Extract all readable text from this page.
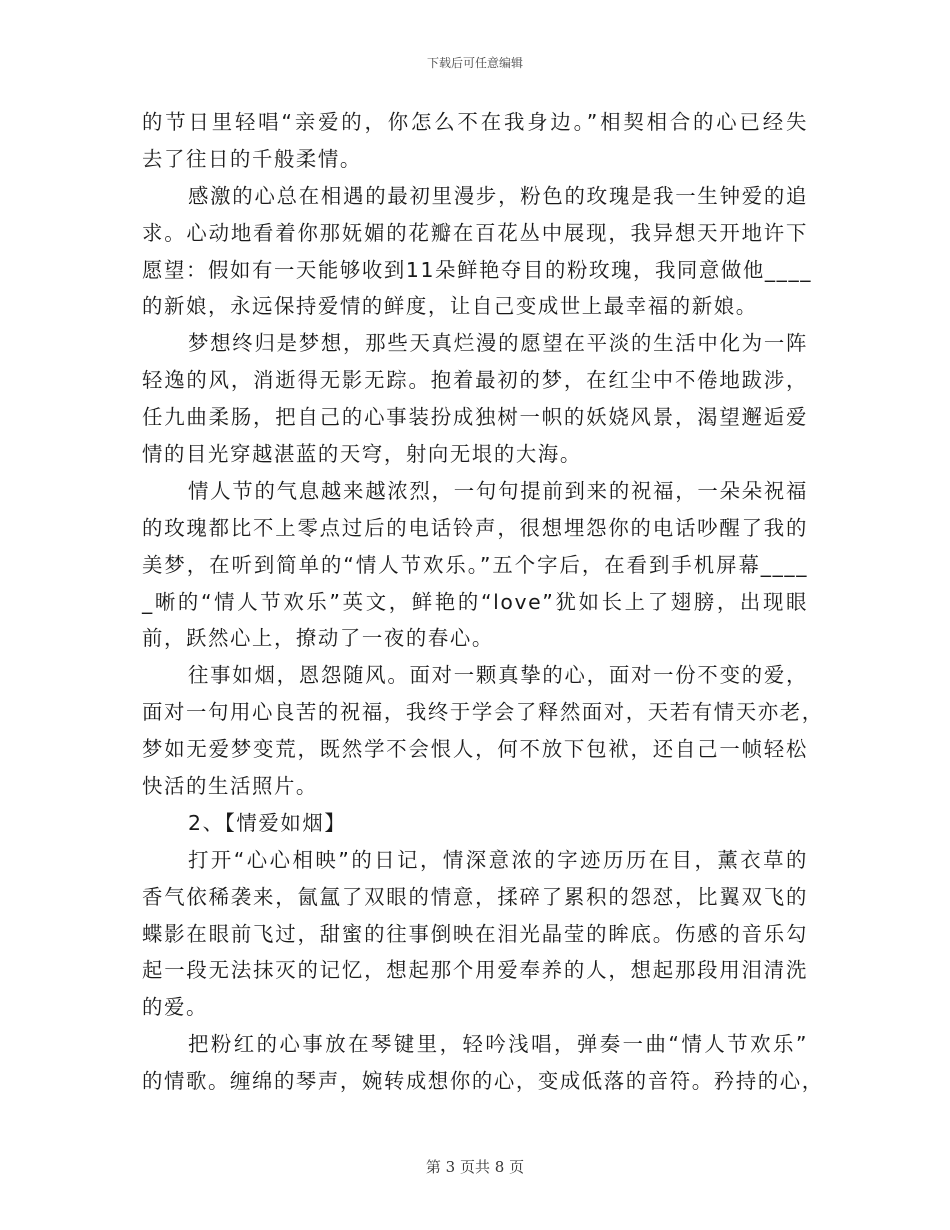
下载后可任意编辑
的节日里轻唱“亲爱的，你怎么不在我身边。”相契相合的心已经失
去了往日的千般柔情。
感激的心总在相遇的最初里漫步，粉色的玫瑰是我一生钟爱的追
求。心动地看着你那妩媚的花瓣在百花丛中展现，我异想天开地许下
愿望：假如有一天能够收到11朵鲜艳夺目的粉玫瑰，我同意做他____
的新娘，永远保持爱情的鲜度，让自己变成世上最幸福的新娘。
梦想终归是梦想，那些天真烂漫的愿望在平淡的生活中化为一阵
轻逸的风，消逝得无影无踪。抱着最初的梦，在红尘中不倦地跋涉，
任九曲柔肠，把自己的心事装扮成独树一帜的妖娆风景，渴望邂逅爱
情的目光穿越湛蓝的天穹，射向无垠的大海。
情人节的气息越来越浓烈，一句句提前到来的祝福，一朵朵祝福
的玫瑰都比不上零点过后的电话铃声，很想埋怨你的电话吵醒了我的
美梦，在听到简单的“情人节欢乐。”五个字后，在看到手机屏幕____
_晰的“情人节欢乐”英文，鲜艳的“love”犹如长上了翅膀，出现眼
前，跃然心上，撩动了一夜的春心。
往事如烟，恩怨随风。面对一颗真挚的心，面对一份不变的爱，
面对一句用心良苦的祝福，我终于学会了释然面对，天若有情天亦老，
梦如无爱梦变荒，既然学不会恨人，何不放下包袱，还自己一帧轻松
快活的生活照片。
2、【情爱如烟】
打开“心心相映”的日记，情深意浓的字迹历历在目，薰衣草的
香气依稀袭来，氤氲了双眼的情意，揉碎了累积的怨怼，比翼双飞的
蝶影在眼前飞过，甜蜜的往事倒映在泪光晶莹的眸底。伤感的音乐勾
起一段无法抹灭的记忆，想起那个用爱奉养的人，想起那段用泪清洗
的爱。
把粉红的心事放在琴键里，轻吟浅唱，弹奏一曲“情人节欢乐”
的情歌。缠绵的琴声，婉转成想你的心，变成低落的音符。矜持的心，
第 3 页共 8 页
